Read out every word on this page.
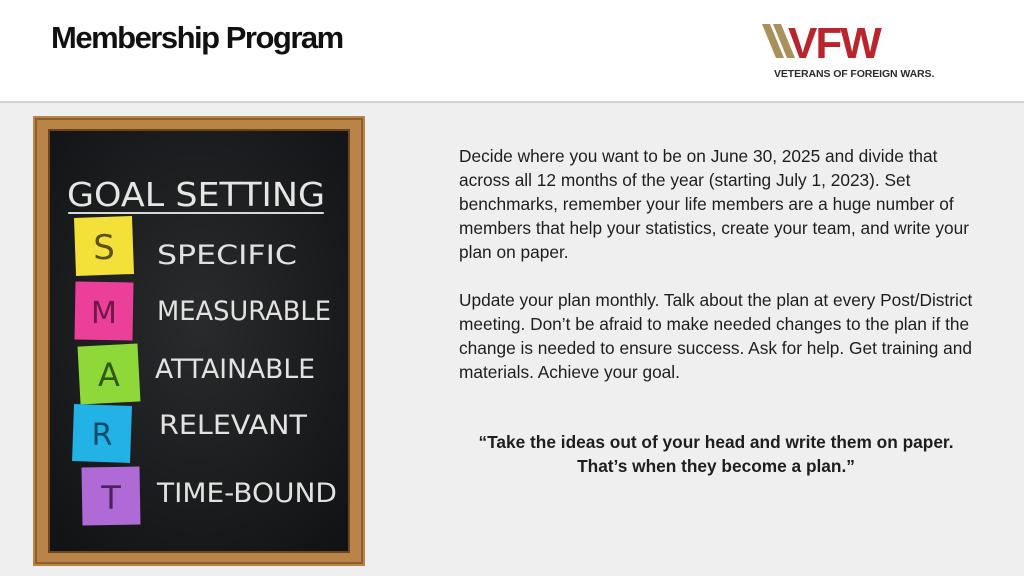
Membership Program	VFW
VETERANS OF FOREIGN WARS.
GOAL SETTING
S SPECIFIC
M MEASURABLE
A ATTAINABLE
R RELEVANT
T TIME-BOUND

Decide where you want to be on June 30, 2025 and divide that across all 12 months of the year (starting July 1, 2023). Set benchmarks, remember your life members are a huge number of members that help your statistics, create your team, and write your plan on paper.

Update your plan monthly. Talk about the plan at every Post/District meeting. Don’t be afraid to make needed changes to the plan if the change is needed to ensure success. Ask for help. Get training and materials. Achieve your goal.

“Take the ideas out of your head and write them on paper. That’s when they become a plan.”
